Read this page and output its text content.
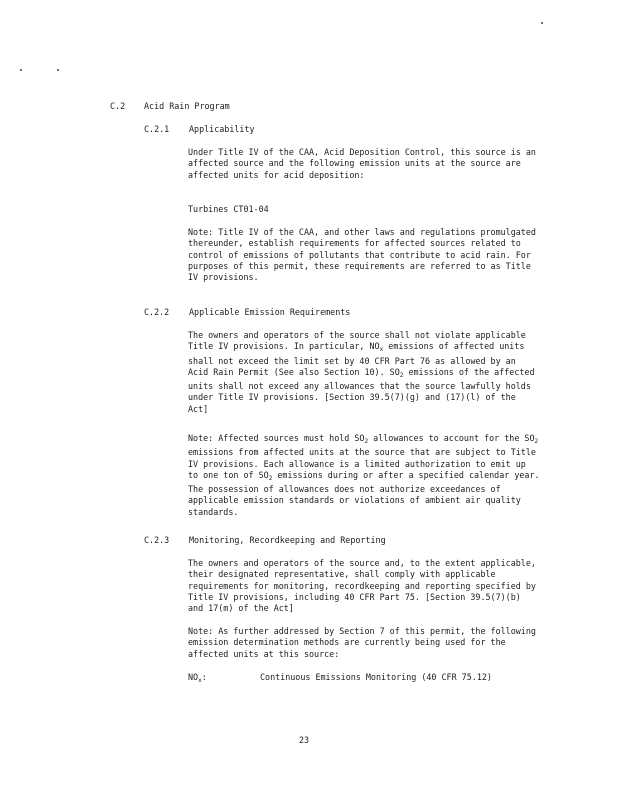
C.2 Acid Rain Program
C.2.1 Applicability
Under Title IV of the CAA, Acid Deposition Control, this source is an affected source and the following emission units at the source are affected units for acid deposition:
Turbines CT01-04
Note: Title IV of the CAA, and other laws and regulations promulgated thereunder, establish requirements for affected sources related to control of emissions of pollutants that contribute to acid rain. For purposes of this permit, these requirements are referred to as Title IV provisions.
C.2.2 Applicable Emission Requirements
The owners and operators of the source shall not violate applicable Title IV provisions. In particular, $NO_x$ emissions of affected units shall not exceed the limit set by 40 CFR Part 76 as allowed by an Acid Rain Permit (See also Section 10). $SO_2$ emissions of the affected units shall not exceed any allowances that the source lawfully holds under Title IV provisions. [Section 39.5(7)(g) and (17)(l) of the Act]
Note: Affected sources must hold $SO_2$ allowances to account for the $SO_2$ emissions from affected units at the source that are subject to Title IV provisions. Each allowance is a limited authorization to emit up to one ton of $SO_2$ emissions during or after a specified calendar year. The possession of allowances does not authorize exceedances of applicable emission standards or violations of ambient air quality standards.
C.2.3 Monitoring, Recordkeeping and Reporting
The owners and operators of the source and, to the extent applicable, their designated representative, shall comply with applicable requirements for monitoring, recordkeeping and reporting specified by Title IV provisions, including 40 CFR Part 75. [Section 39.5(7)(b) and 17(m) of the Act]
Note: As further addressed by Section 7 of this permit, the following emission determination methods are currently being used for the affected units at this source:
$NO_x$:	Continuous Emissions Monitoring (40 CFR 75.12)
23
